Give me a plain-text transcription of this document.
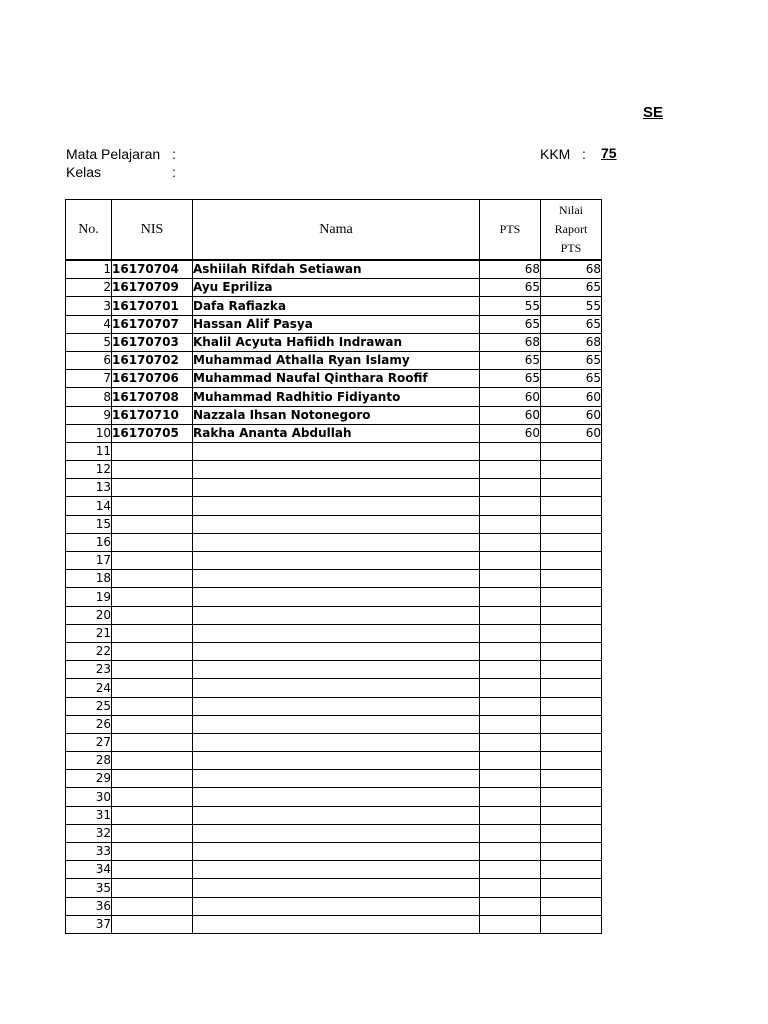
SE
Mata Pelajaran :
Kelas	:
KKM : 75
No.	NIS	Nama	PTS	Nilai
Raport
PTS

1	16170704	Ashiilah Rifdah Setiawan	68	68
2	16170709	Ayu Epriliza	65	65
3	16170701	Dafa Rafiazka	55	55
4	16170707	Hassan Alif Pasya	65	65
5	16170703	Khalil Acyuta Hafiidh Indrawan	68	68
6	16170702	Muhammad Athalla Ryan Islamy	65	65
7	16170706	Muhammad Naufal Qinthara Roofif	65	65
8	16170708	Muhammad Radhitio Fidiyanto	60	60
9	16170710	Nazzala Ihsan Notonegoro	60	60
10	16170705	Rakha Ananta Abdullah	60	60
11				
12				
13				
14				
15				
16				
17				
18				
19				
20				
21				
22				
23				
24				
25				
26				
27				
28				
29				
30				
31				
32				
33				
34				
35				
36				
37				
